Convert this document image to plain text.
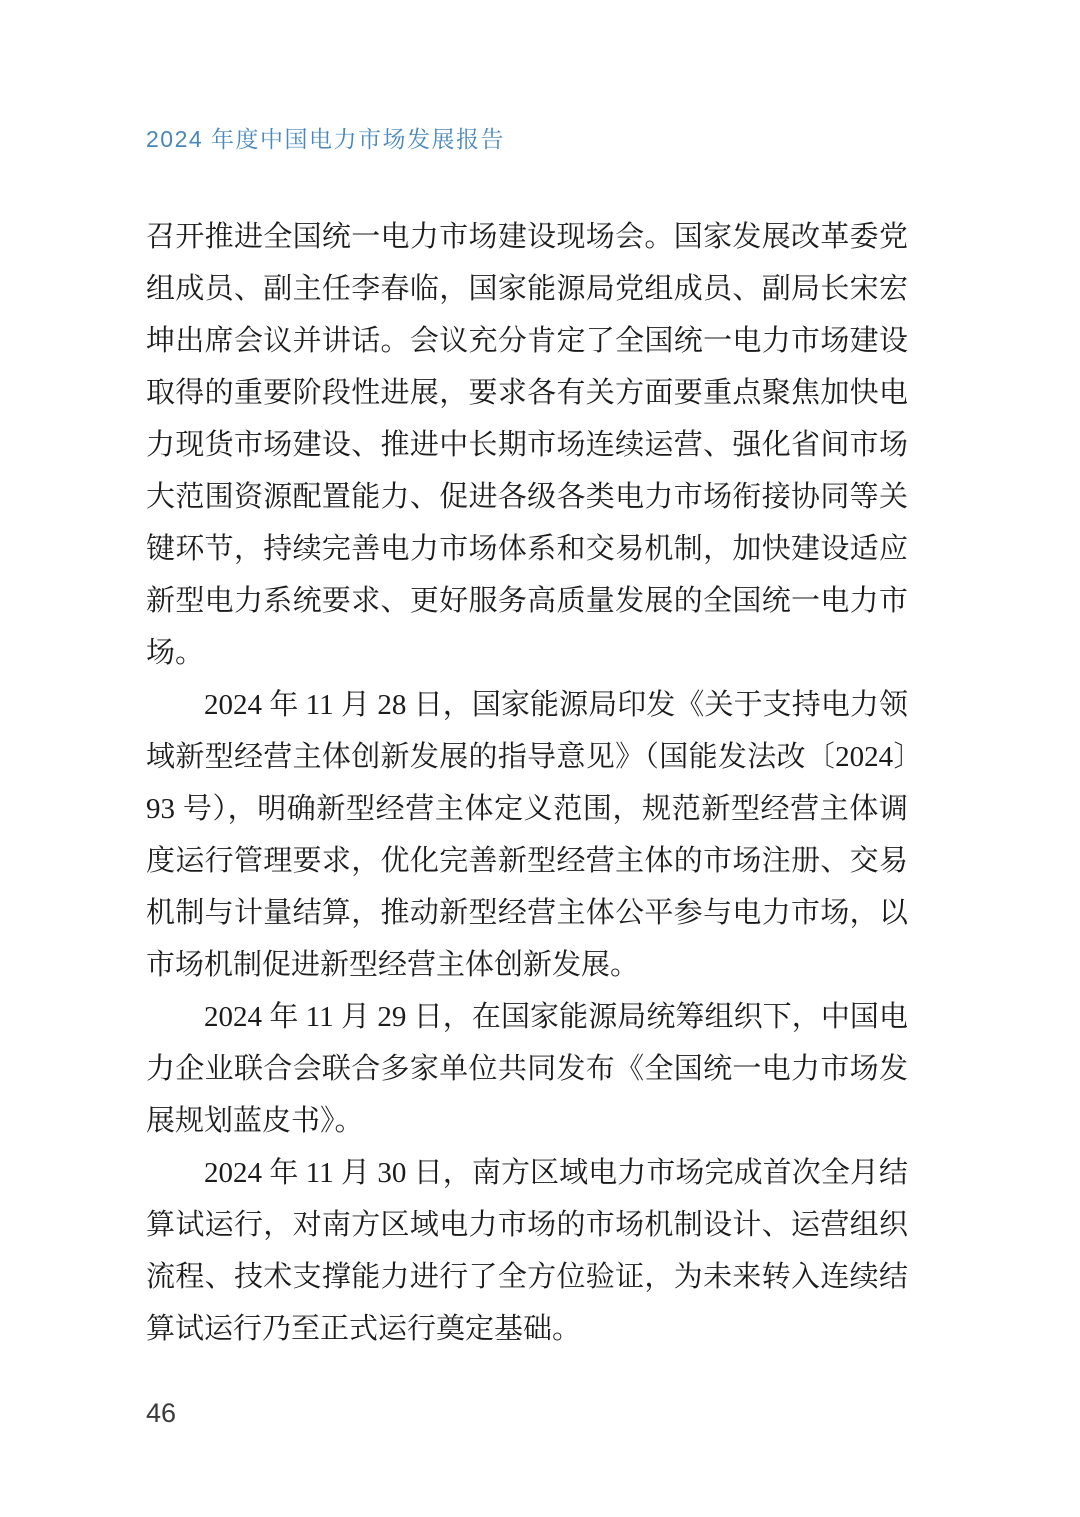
2024 年度中国电力市场发展报告

召开推进全国统一电力市场建设现场会。国家发展改革委党组成员、副主任李春临，国家能源局党组成员、副局长宋宏坤出席会议并讲话。会议充分肯定了全国统一电力市场建设取得的重要阶段性进展，要求各有关方面要重点聚焦加快电力现货市场建设、推进中长期市场连续运营、强化省间市场大范围资源配置能力、促进各级各类电力市场衔接协同等关键环节，持续完善电力市场体系和交易机制，加快建设适应新型电力系统要求、更好服务高质量发展的全国统一电力市场。

2024 年 11 月 28 日，国家能源局印发《关于支持电力领域新型经营主体创新发展的指导意见》（国能发法改〔2024〕93 号），明确新型经营主体定义范围，规范新型经营主体调度运行管理要求，优化完善新型经营主体的市场注册、交易机制与计量结算，推动新型经营主体公平参与电力市场，以市场机制促进新型经营主体创新发展。

2024 年 11 月 29 日，在国家能源局统筹组织下，中国电力企业联合会联合多家单位共同发布《全国统一电力市场发展规划蓝皮书》。

2024 年 11 月 30 日，南方区域电力市场完成首次全月结算试运行，对南方区域电力市场的市场机制设计、运营组织流程、技术支撑能力进行了全方位验证，为未来转入连续结算试运行乃至正式运行奠定基础。

46
